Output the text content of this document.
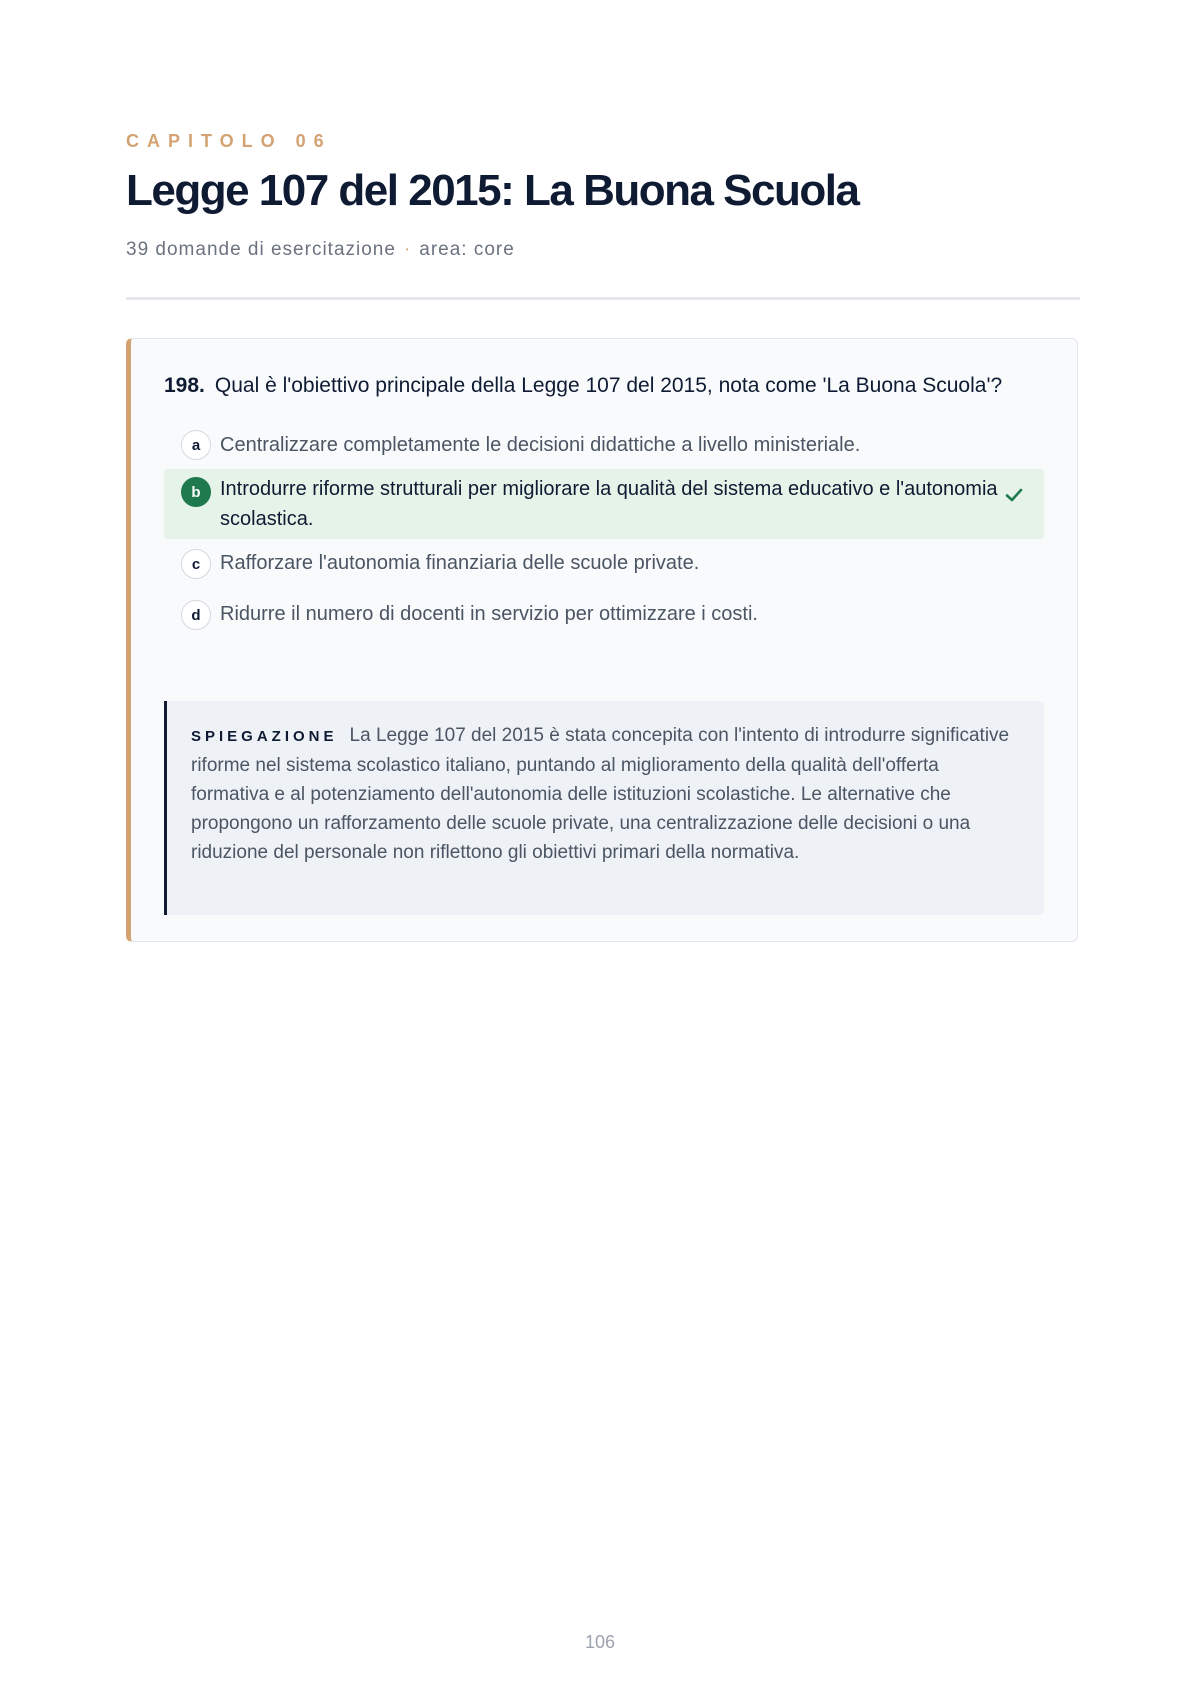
CAPITOLO 06
Legge 107 del 2015: La Buona Scuola
39 domande di esercitazione · area: core

198. Qual è l'obiettivo principale della Legge 107 del 2015, nota come 'La Buona Scuola'?

a Centralizzare completamente le decisioni didattiche a livello ministeriale.
b Introdurre riforme strutturali per migliorare la qualità del sistema educativo e l'autonomia scolastica.
c Rafforzare l'autonomia finanziaria delle scuole private.
d Ridurre il numero di docenti in servizio per ottimizzare i costi.
SPIEGAZIONE La Legge 107 del 2015 è stata concepita con l'intento di introdurre significative riforme nel sistema scolastico italiano, puntando al miglioramento della qualità dell'offerta formativa e al potenziamento dell'autonomia delle istituzioni scolastiche. Le alternative che propongono un rafforzamento delle scuole private, una centralizzazione delle decisioni o una riduzione del personale non riflettono gli obiettivi primari della normativa.
106
